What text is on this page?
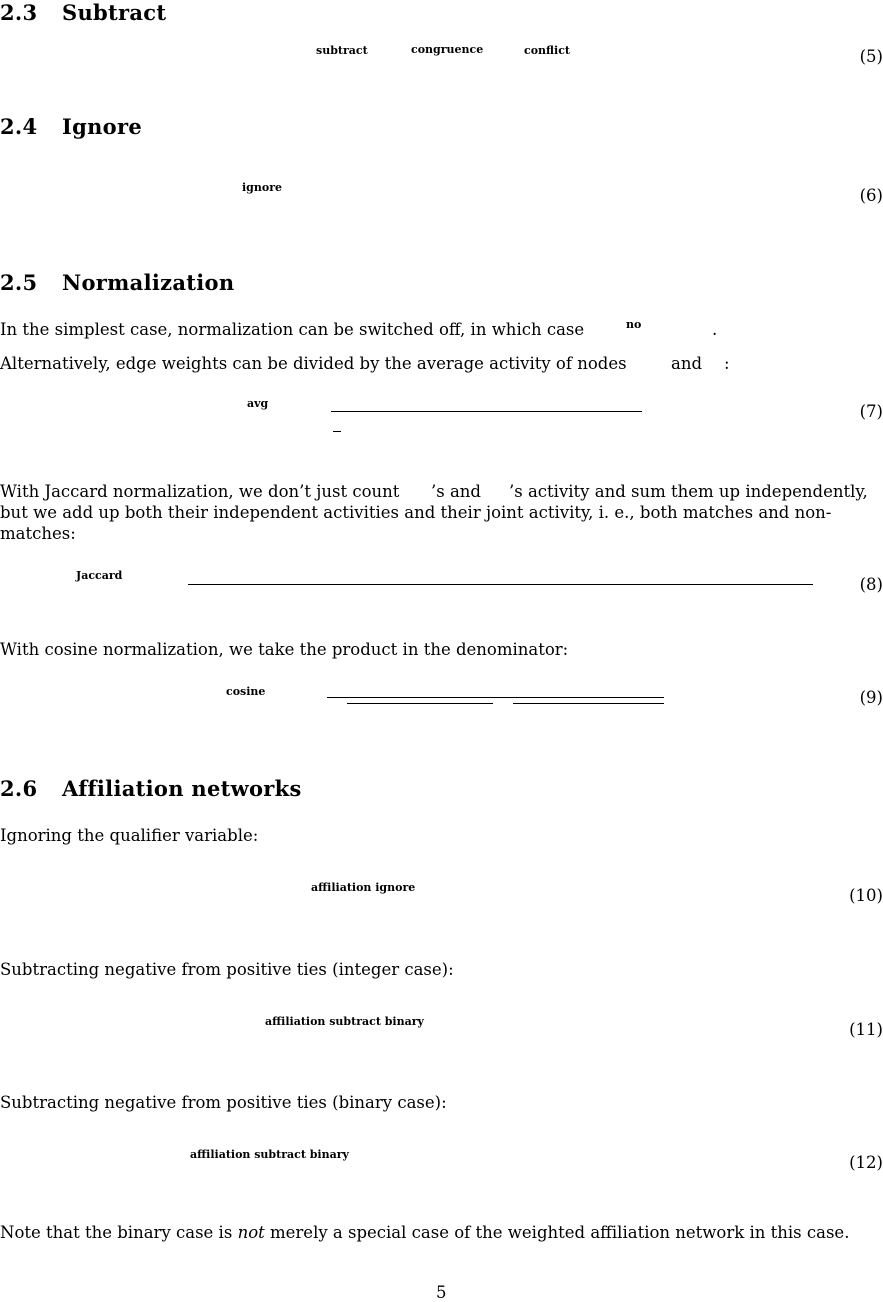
2.3 Subtract
subtract	congruence	conflict	(5)
2.4 Ignore
ignore	(6)
2.5 Normalization
In the simplest case, normalization can be switched off, in which case	no	.
Alternatively, edge weights can be divided by the average activity of nodes	and :
avg	(7)
With Jaccard normalization, we don’t just count ’s and ’s activity and sum them up independently,
but we add up both their independent activities and their joint activity, i. e., both matches and non-
matches:
Jaccard	(8)
With cosine normalization, we take the product in the denominator:
cosine	(9)
2.6 Affiliation networks
Ignoring the qualifier variable:
affiliation ignore	(10)
Subtracting negative from positive ties (integer case):
affiliation subtract binary	(11)
Subtracting negative from positive ties (binary case):
affiliation subtract binary	(12)
Note that the binary case is not merely a special case of the weighted affiliation network in this case.
5
